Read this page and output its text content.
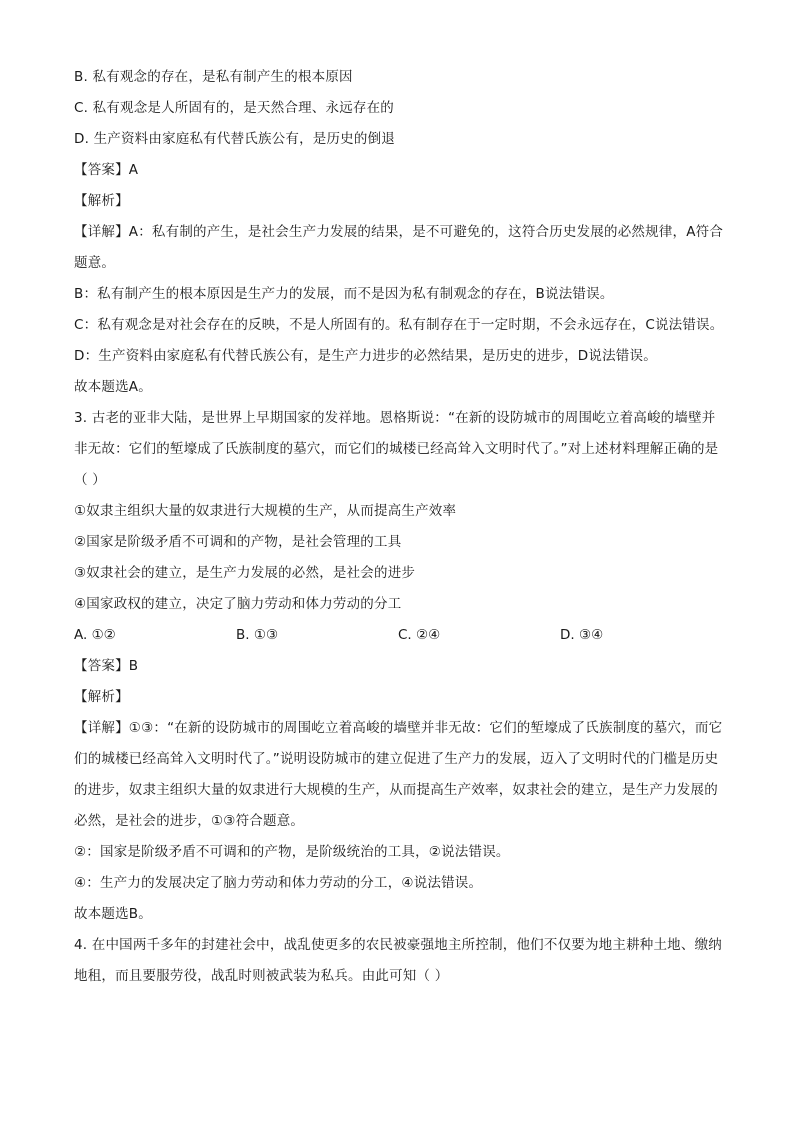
B. 私有观念的存在，是私有制产生的根本原因
C. 私有观念是人所固有的，是天然合理、永远存在的
D. 生产资料由家庭私有代替氏族公有，是历史的倒退
【答案】A
【解析】
【详解】A：私有制的产生，是社会生产力发展的结果，是不可避免的，这符合历史发展的必然规律，A符合题意。
B：私有制产生的根本原因是生产力的发展，而不是因为私有制观念的存在，B说法错误。
C：私有观念是对社会存在的反映，不是人所固有的。私有制存在于一定时期，不会永远存在，C说法错误。
D：生产资料由家庭私有代替氏族公有，是生产力进步的必然结果，是历史的进步，D说法错误。
故本题选A。
3. 古老的亚非大陆，是世界上早期国家的发祥地。恩格斯说：“在新的设防城市的周围屹立着高峻的墙壁并非无故：它们的堑壕成了氏族制度的墓穴，而它们的城楼已经高耸入文明时代了。”对上述材料理解正确的是（ ）
①奴隶主组织大量的奴隶进行大规模的生产，从而提高生产效率
②国家是阶级矛盾不可调和的产物，是社会管理的工具
③奴隶社会的建立，是生产力发展的必然，是社会的进步
④国家政权的建立，决定了脑力劳动和体力劳动的分工
A. ①②	B. ①③	C. ②④	D. ③④
【答案】B
【解析】
【详解】①③：“在新的设防城市的周围屹立着高峻的墙壁并非无故：它们的堑壕成了氏族制度的墓穴，而它们的城楼已经高耸入文明时代了。”说明设防城市的建立促进了生产力的发展，迈入了文明时代的门槛是历史的进步，奴隶主组织大量的奴隶进行大规模的生产，从而提高生产效率，奴隶社会的建立，是生产力发展的必然，是社会的进步，①③符合题意。
②：国家是阶级矛盾不可调和的产物，是阶级统治的工具，②说法错误。
④：生产力的发展决定了脑力劳动和体力劳动的分工，④说法错误。
故本题选B。
4. 在中国两千多年的封建社会中，战乱使更多的农民被豪强地主所控制，他们不仅要为地主耕种土地、缴纳地租，而且要服劳役，战乱时则被武装为私兵。由此可知（ ）
